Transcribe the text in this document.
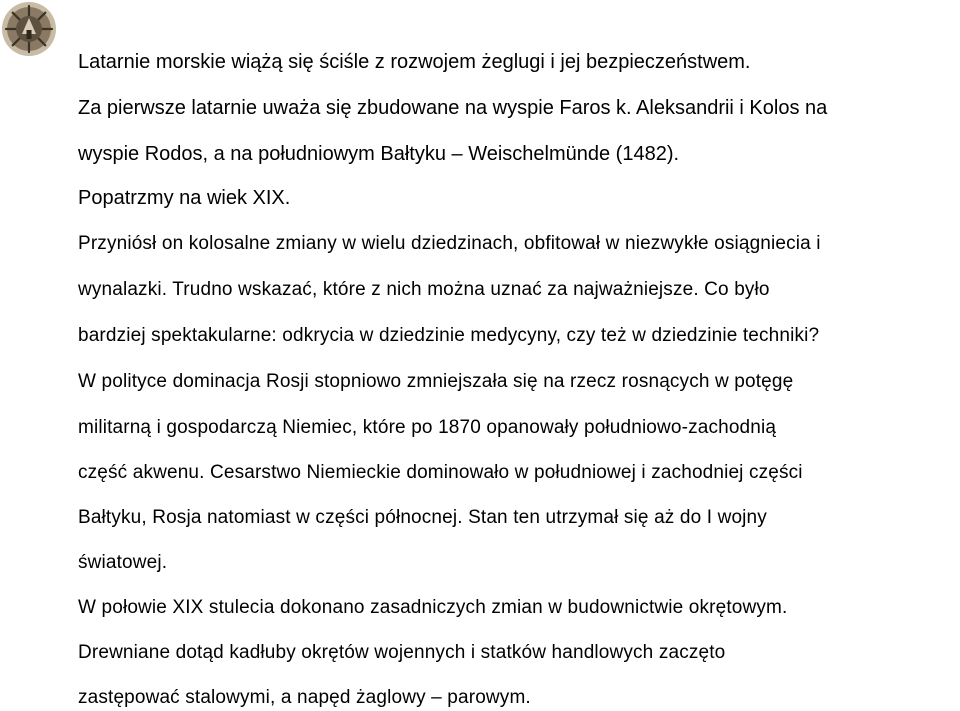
Latarnie morskie wiążą się ściśle z rozwojem żeglugi i jej bezpieczeństwem.
Za pierwsze latarnie uważa się zbudowane na wyspie Faros k. Aleksandrii i Kolos na
wyspie Rodos, a na południowym Bałtyku – Weischelmünde (1482).
Popatrzmy na wiek XIX.
Przyniósł on kolosalne zmiany w wielu dziedzinach, obfitował w niezwykłe osiągniecia i
wynalazki. Trudno wskazać, które z nich można uznać za najważniejsze. Co było
bardziej spektakularne: odkrycia w dziedzinie medycyny, czy też w dziedzinie techniki?
W polityce dominacja Rosji stopniowo zmniejszała się na rzecz rosnących w potęgę
militarną i gospodarczą Niemiec, które po 1870 opanowały południowo-zachodnią
część akwenu. Cesarstwo Niemieckie dominowało w południowej i zachodniej części
Bałtyku, Rosja natomiast w części północnej. Stan ten utrzymał się aż do I wojny
światowej.
W połowie XIX stulecia dokonano zasadniczych zmian w budownictwie okrętowym.
Drewniane dotąd kadłuby okrętów wojennych i statków handlowych zaczęto
zastępować stalowymi, a napęd żaglowy – parowym.
